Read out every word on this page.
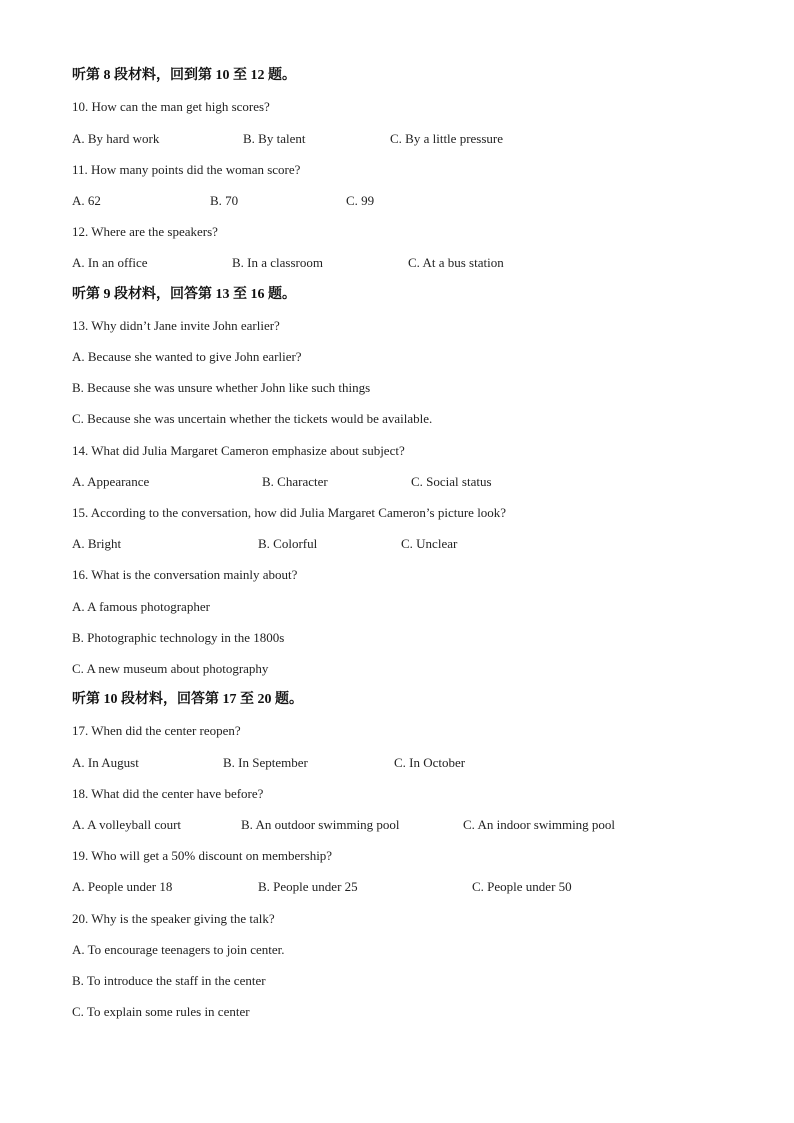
听第 8 段材料，回到第 10 至 12 题。
10. How can the man get high scores?
A. By hard work	B. By talent	C. By a little pressure
11. How many points did the woman score?
A. 62	B. 70	C. 99
12. Where are the speakers?
A. In an office	B. In a classroom	C. At a bus station
听第 9 段材料，回答第 13 至 16 题。
13. Why didn’t Jane invite John earlier?
A. Because she wanted to give John earlier?
B. Because she was unsure whether John like such things
C. Because she was uncertain whether the tickets would be available.
14. What did Julia Margaret Cameron emphasize about subject?
A. Appearance	B. Character	C. Social status
15. According to the conversation, how did Julia Margaret Cameron’s picture look?
A. Bright	B. Colorful	C. Unclear
16. What is the conversation mainly about?
A. A famous photographer
B. Photographic technology in the 1800s
C. A new museum about photography
听第 10 段材料，回答第 17 至 20 题。
17. When did the center reopen?
A. In August	B. In September	C. In October
18. What did the center have before?
A. A volleyball court	B. An outdoor swimming pool	C. An indoor swimming pool
19. Who will get a 50% discount on membership?
A. People under 18	B. People under 25	C. People under 50
20. Why is the speaker giving the talk?
A. To encourage teenagers to join center.
B. To introduce the staff in the center
C. To explain some rules in center
